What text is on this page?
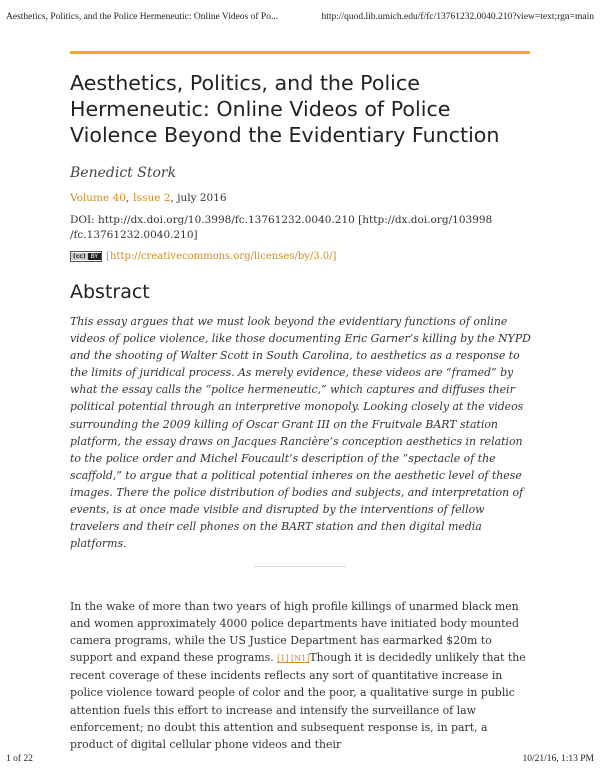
Aesthetics, Politics, and the Police Hermeneutic: Online Videos of Po...	http://quod.lib.umich.edu/f/fc/13761232.0040.210?view=text;rgn=main
Aesthetics, Politics, and the Police Hermeneutic: Online Videos of Police Violence Beyond the Evidentiary Function
Benedict Stork
Volume 40, Issue 2, july 2016
DOI: http://dx.doi.org/10.3998/fc.13761232.0040.210 [http://dx.doi.org/103998 /fc.13761232.0040.210]
(cc) BY [http://creativecommons.org/licenses/by/3.0/]
Abstract

This essay argues that we must look beyond the evidentiary functions of online videos of police violence, like those documenting Eric Garner’s killing by the NYPD and the shooting of Walter Scott in South Carolina, to aesthetics as a response to the limits of juridical process. As merely evidence, these videos are “framed” by what the essay calls the “police hermeneutic,” which captures and diffuses their political potential through an interpretive monopoly. Looking closely at the videos surrounding the 2009 killing of Oscar Grant III on the Fruitvale BART station platform, the essay draws on Jacques Rancière’s conception aesthetics in relation to the police order and Michel Foucault’s description of the “spectacle of the scaffold,” to argue that a political potential inheres on the aesthetic level of these images. There the police distribution of bodies and subjects, and interpretation of events, is at once made visible and disrupted by the interventions of fellow travelers and their cell phones on the BART station and then digital media platforms.

In the wake of more than two years of high profile killings of unarmed black men and women approximately 4000 police departments have initiated body mounted camera programs, while the US Justice Department has earmarked $20m to support and expand these programs. [1] [N1]Though it is decidedly unlikely that the recent coverage of these incidents reflects any sort of quantitative increase in police violence toward people of color and the poor, a qualitative surge in public attention fuels this effort to increase and intensify the surveillance of law enforcement; no doubt this attention and subsequent response is, in part, a product of digital cellular phone videos and their

1 of 22	10/21/16, 1:13 PM
